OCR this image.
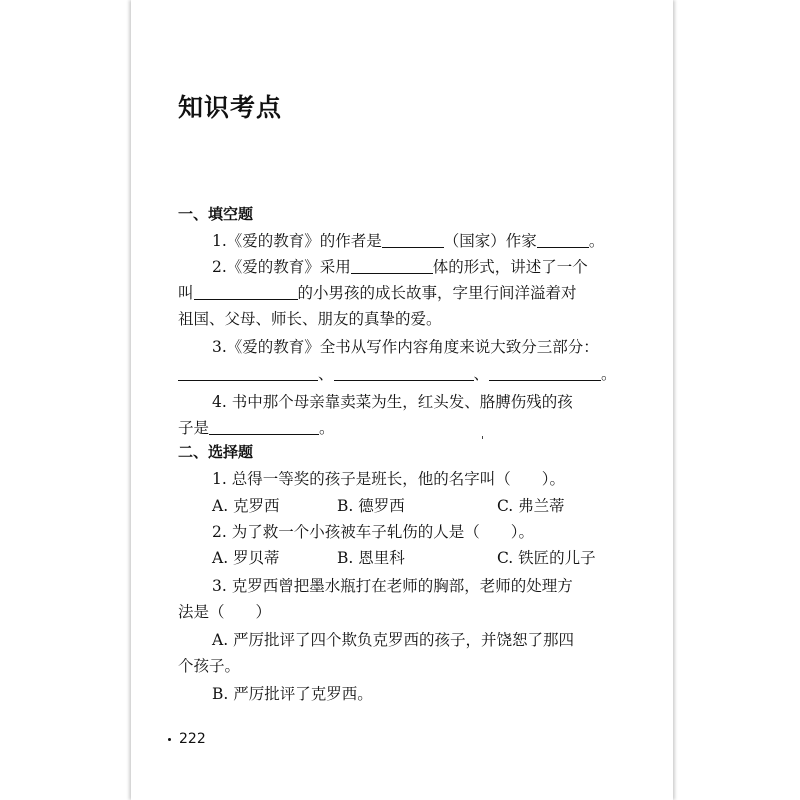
知识考点
一、填空题
1.《爱的教育》的作者是	（国家）作家	。
2.《爱的教育》采用	体的形式，讲述了一个
叫	的小男孩的成长故事，字里行间洋溢着对
祖国、父母、师长、朋友的真挚的爱。
3.《爱的教育》全书从写作内容角度来说大致分三部分：
、	、	。
4. 书中那个母亲靠卖菜为生，红头发、胳膊伤残的孩
子是	。
二、选择题
1. 总得一等奖的孩子是班长，他的名字叫（　　）。
A. 克罗西	B. 德罗西	C. 弗兰蒂
2. 为了救一个小孩被车子轧伤的人是（　　）。
A. 罗贝蒂	B. 恩里科	C. 铁匠的儿子
3. 克罗西曾把墨水瓶打在老师的胸部，老师的处理方
法是（　　）
A. 严厉批评了四个欺负克罗西的孩子，并饶恕了那四
个孩子。
B. 严厉批评了克罗西。
222
